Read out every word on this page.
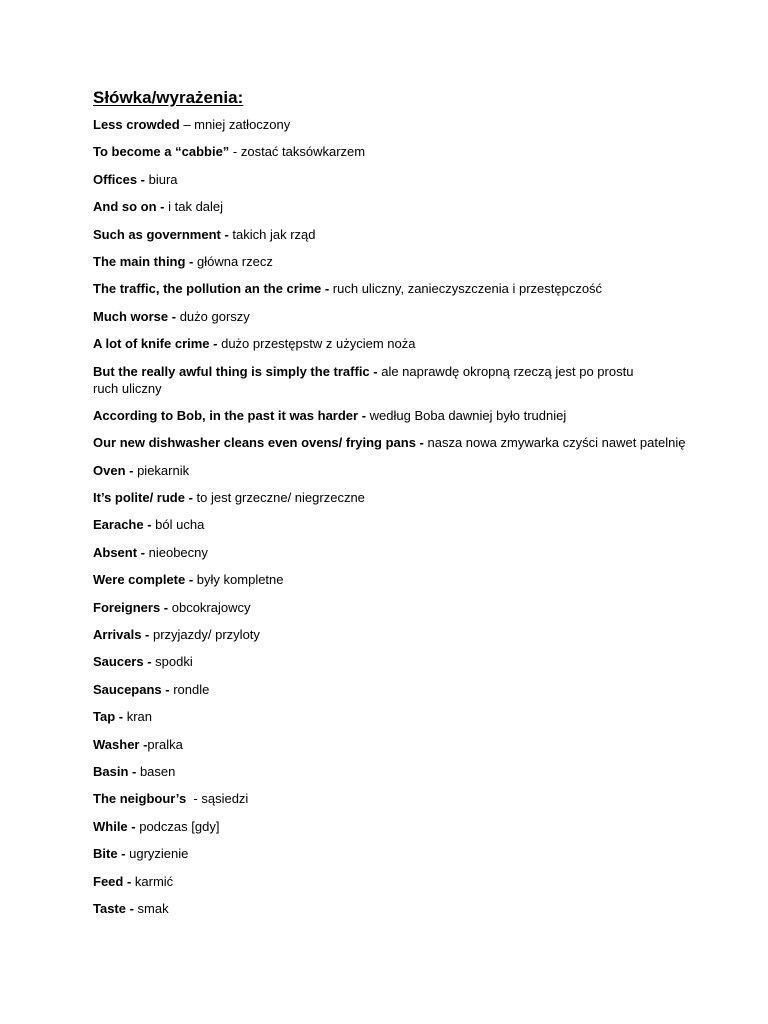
Słówka/wyrażenia:
Less crowded – mniej zatłoczony
To become a “cabbie” - zostać taksówkarzem
Offices - biura
And so on - i tak dalej
Such as government - takich jak rząd
The main thing - główna rzecz
The traffic, the pollution an the crime - ruch uliczny, zanieczyszczenia i przestępczość
Much worse - dużo gorszy
A lot of knife crime - dużo przestępstw z użyciem noża
But the really awful thing is simply the traffic - ale naprawdę okropną rzeczą jest po prostu ruch uliczny
According to Bob, in the past it was harder - według Boba dawniej było trudniej
Our new dishwasher cleans even ovens/ frying pans - nasza nowa zmywarka czyści nawet patelnię
Oven - piekarnik
It’s polite/ rude - to jest grzeczne/ niegrzeczne
Earache - ból ucha
Absent - nieobecny
Were complete - były kompletne
Foreigners - obcokrajowcy
Arrivals - przyjazdy/ przyloty
Saucers - spodki
Saucepans - rondle
Tap - kran
Washer -pralka
Basin - basen
The neigbour’s  - sąsiedzi
While - podczas [gdy]
Bite - ugryzienie
Feed - karmić
Taste - smak
